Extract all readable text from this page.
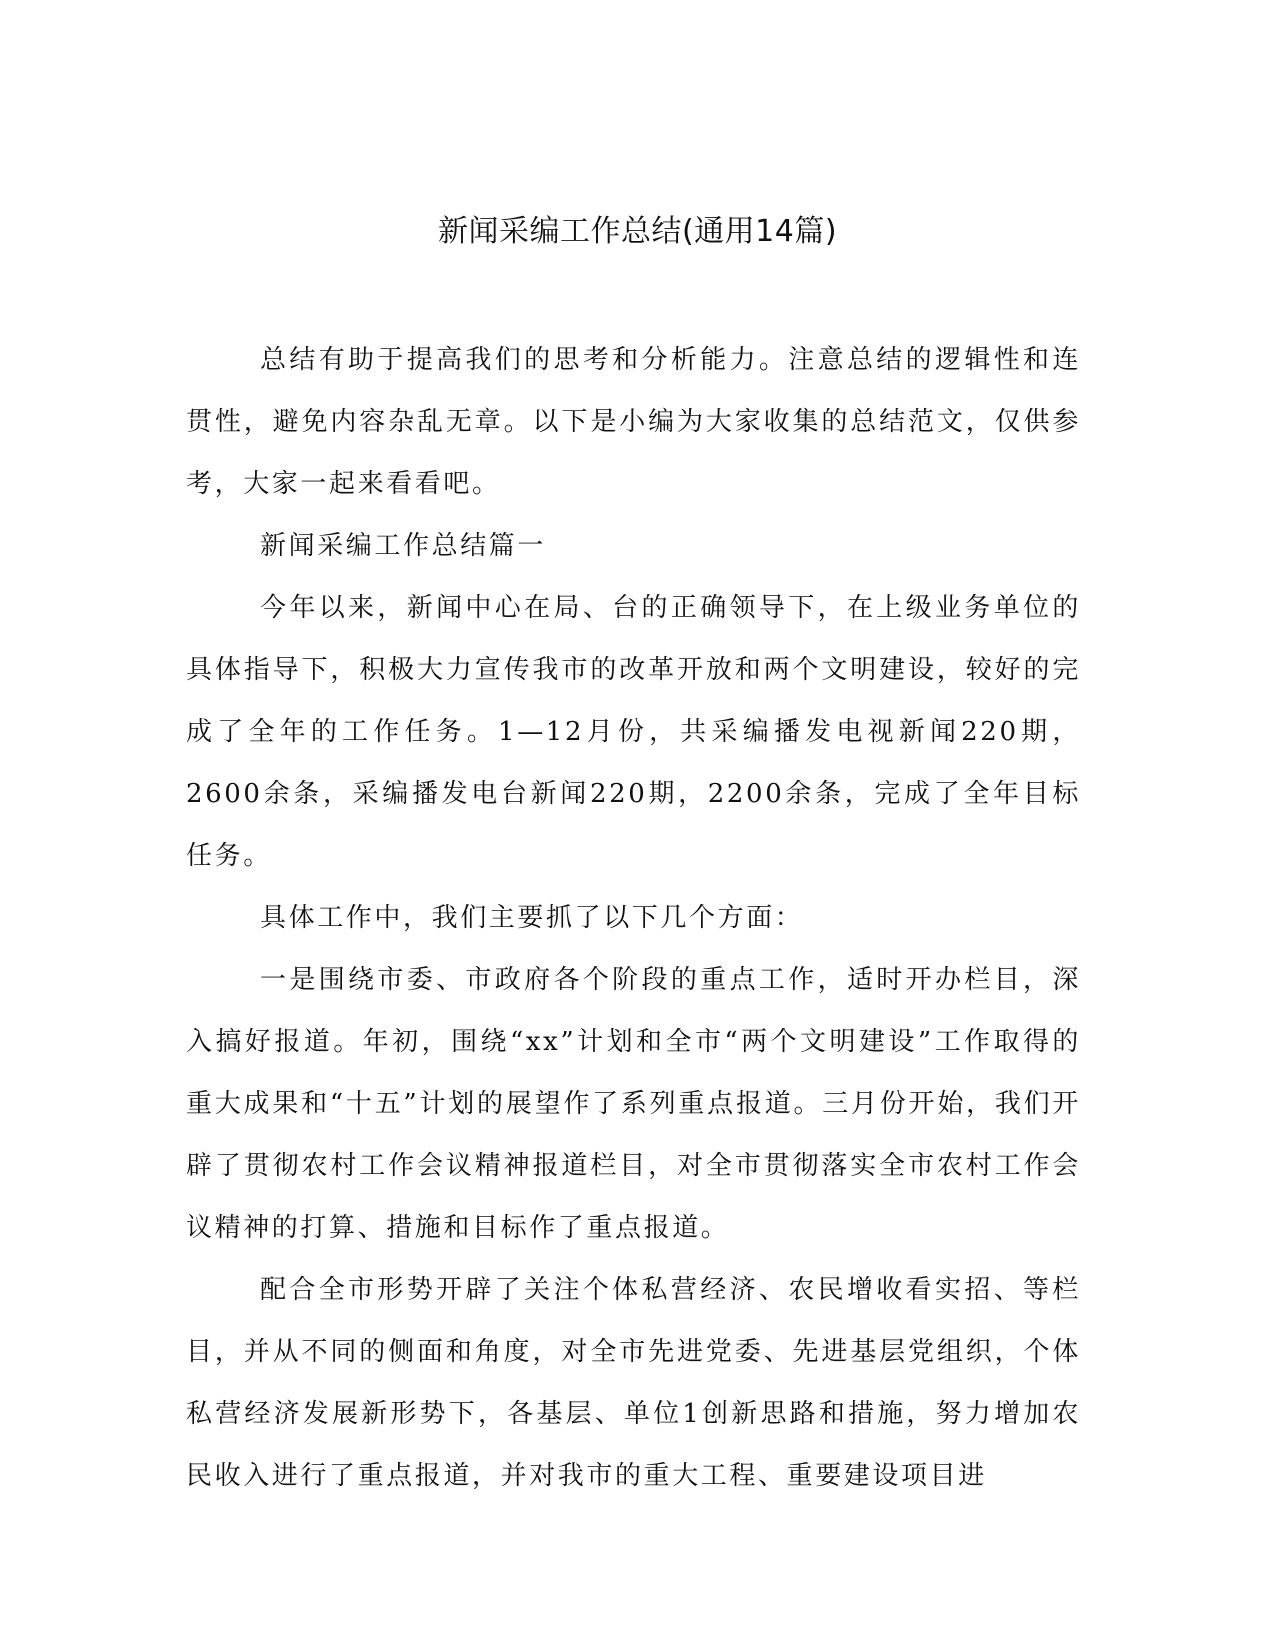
新闻采编工作总结(通用14篇)

总结有助于提高我们的思考和分析能力。注意总结的逻辑性和连贯性，避免内容杂乱无章。以下是小编为大家收集的总结范文，仅供参考，大家一起来看看吧。

新闻采编工作总结篇一

今年以来，新闻中心在局、台的正确领导下，在上级业务单位的具体指导下，积极大力宣传我市的改革开放和两个文明建设，较好的完成了全年的工作任务。1—12月份，共采编播发电视新闻220期，2600余条，采编播发电台新闻220期，2200余条，完成了全年目标任务。

具体工作中，我们主要抓了以下几个方面：

一是围绕市委、市政府各个阶段的重点工作，适时开办栏目，深入搞好报道。年初，围绕“xx”计划和全市“两个文明建设”工作取得的重大成果和“十五”计划的展望作了系列重点报道。三月份开始，我们开辟了贯彻农村工作会议精神报道栏目，对全市贯彻落实全市农村工作会议精神的打算、措施和目标作了重点报道。

配合全市形势开辟了关注个体私营经济、农民增收看实招、等栏目，并从不同的侧面和角度，对全市先进党委、先进基层党组织，个体私营经济发展新形势下，各基层、单位1创新思路和措施，努力增加农民收入进行了重点报道，并对我市的重大工程、重要建设项目进
